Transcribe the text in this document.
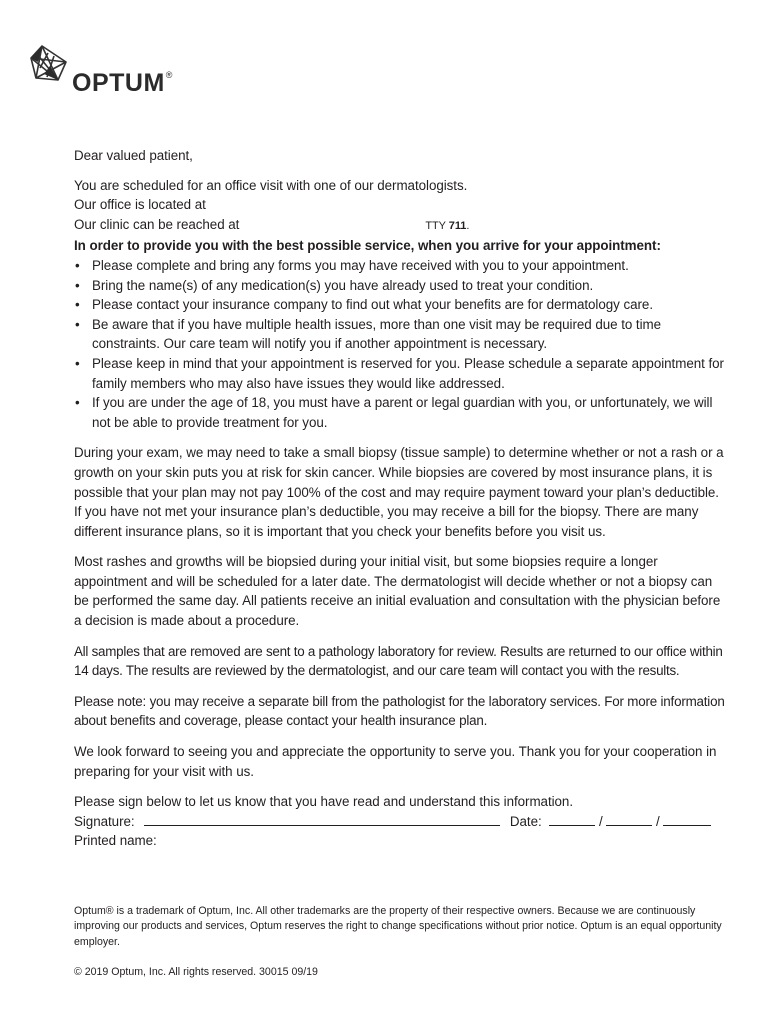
OPTUM®

Dear valued patient,

You are scheduled for an office visit with one of our dermatologists.

Our office is located at

Our clinic can be reached at	TTY 711.

In order to provide you with the best possible service, when you arrive for your appointment:

• Please complete and bring any forms you may have received with you to your appointment.
• Bring the name(s) of any medication(s) you have already used to treat your condition.
• Please contact your insurance company to find out what your benefits are for dermatology care.
• Be aware that if you have multiple health issues, more than one visit may be required due to time constraints. Our care team will notify you if another appointment is necessary.
• Please keep in mind that your appointment is reserved for you. Please schedule a separate appointment for family members who may also have issues they would like addressed.
• If you are under the age of 18, you must have a parent or legal guardian with you, or unfortunately, we will not be able to provide treatment for you.

During your exam, we may need to take a small biopsy (tissue sample) to determine whether or not a rash or a growth on your skin puts you at risk for skin cancer. While biopsies are covered by most insurance plans, it is possible that your plan may not pay 100% of the cost and may require payment toward your plan’s deductible. If you have not met your insurance plan’s deductible, you may receive a bill for the biopsy. There are many different insurance plans, so it is important that you check your benefits before you visit us.

Most rashes and growths will be biopsied during your initial visit, but some biopsies require a longer appointment and will be scheduled for a later date. The dermatologist will decide whether or not a biopsy can be performed the same day. All patients receive an initial evaluation and consultation with the physician before a decision is made about a procedure.

All samples that are removed are sent to a pathology laboratory for review. Results are returned to our office within 14 days. The results are reviewed by the dermatologist, and our care team will contact you with the results.

Please note: you may receive a separate bill from the pathologist for the laboratory services. For more information about benefits and coverage, please contact your health insurance plan.

We look forward to seeing you and appreciate the opportunity to serve you. Thank you for your cooperation in preparing for your visit with us.

Please sign below to let us know that you have read and understand this information.

Signature:	Date:	/	/

Printed name:

Optum® is a trademark of Optum, Inc. All other trademarks are the property of their respective owners. Because we are continuously improving our products and services, Optum reserves the right to change specifications without prior notice. Optum is an equal opportunity employer.
© 2019 Optum, Inc. All rights reserved. 30015 09/19
